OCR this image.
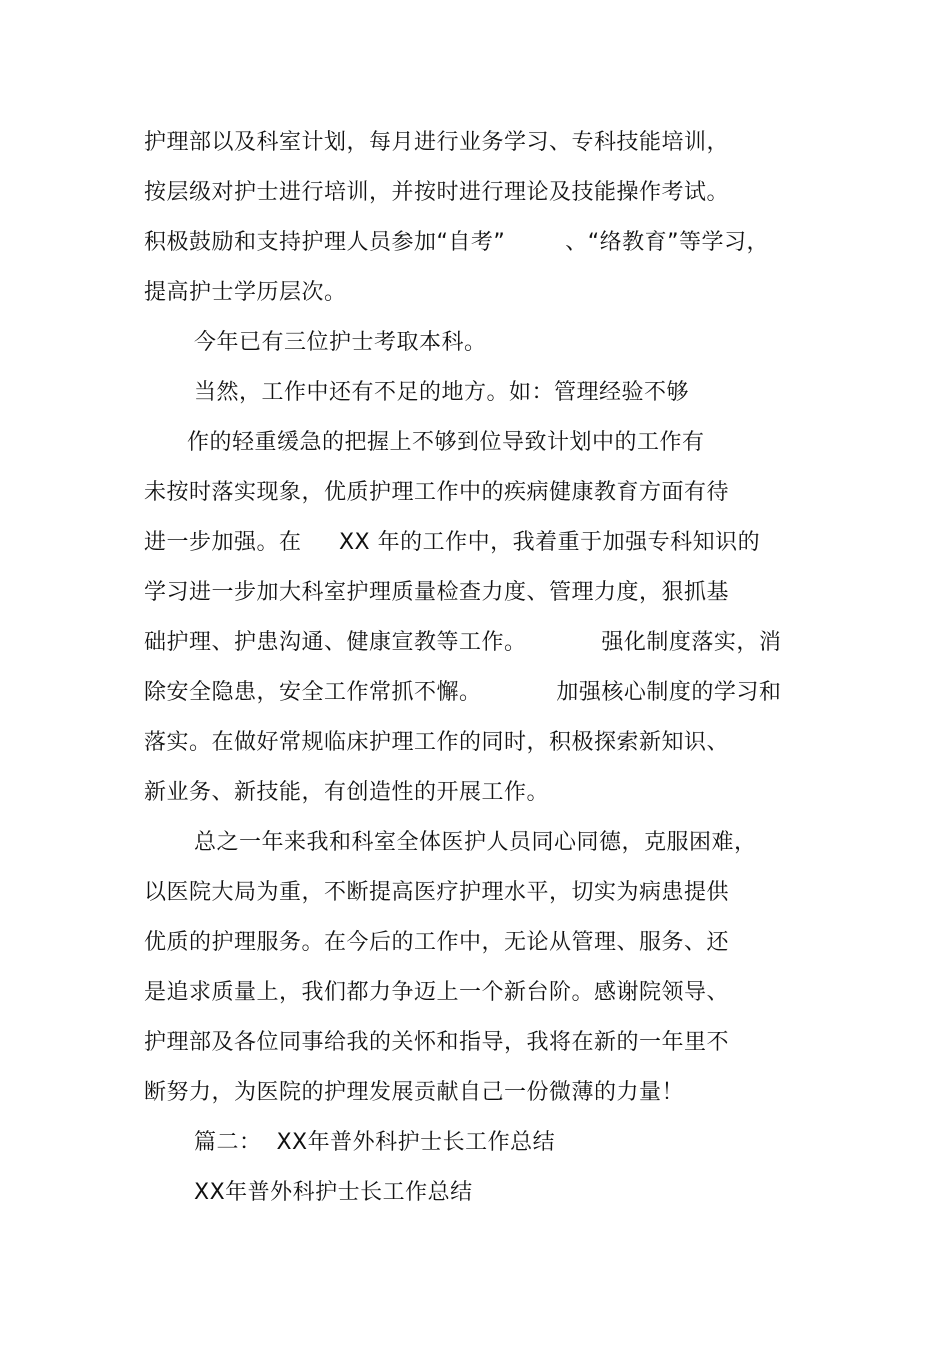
护理部以及科室计划，每月进行业务学习、专科技能培训，
按层级对护士进行培训，并按时进行理论及技能操作考试。
积极鼓励和支持护理人员参加“自考”        、“络教育”等学习，
提高护士学历层次。
今年已有三位护士考取本科。
当然，工作中还有不足的地方。如：管理经验不够
作的轻重缓急的把握上不够到位导致计划中的工作有
未按时落实现象，优质护理工作中的疾病健康教育方面有待
进一步加强。在     XX 年的工作中，我着重于加强专科知识的
学习进一步加大科室护理质量检查力度、管理力度，狠抓基
础护理、护患沟通、健康宣教等工作。          强化制度落实，消
除安全隐患，安全工作常抓不懈。          加强核心制度的学习和
落实。在做好常规临床护理工作的同时，积极探索新知识、
新业务、新技能，有创造性的开展工作。
总之一年来我和科室全体医护人员同心同德，克服困难，
以医院大局为重，不断提高医疗护理水平，切实为病患提供
优质的护理服务。在今后的工作中，无论从管理、服务、还
是追求质量上，我们都力争迈上一个新台阶。感谢院领导、
护理部及各位同事给我的关怀和指导，我将在新的一年里不
断努力，为医院的护理发展贡献自己一份微薄的力量！
篇二：  XX年普外科护士长工作总结
XX年普外科护士长工作总结
